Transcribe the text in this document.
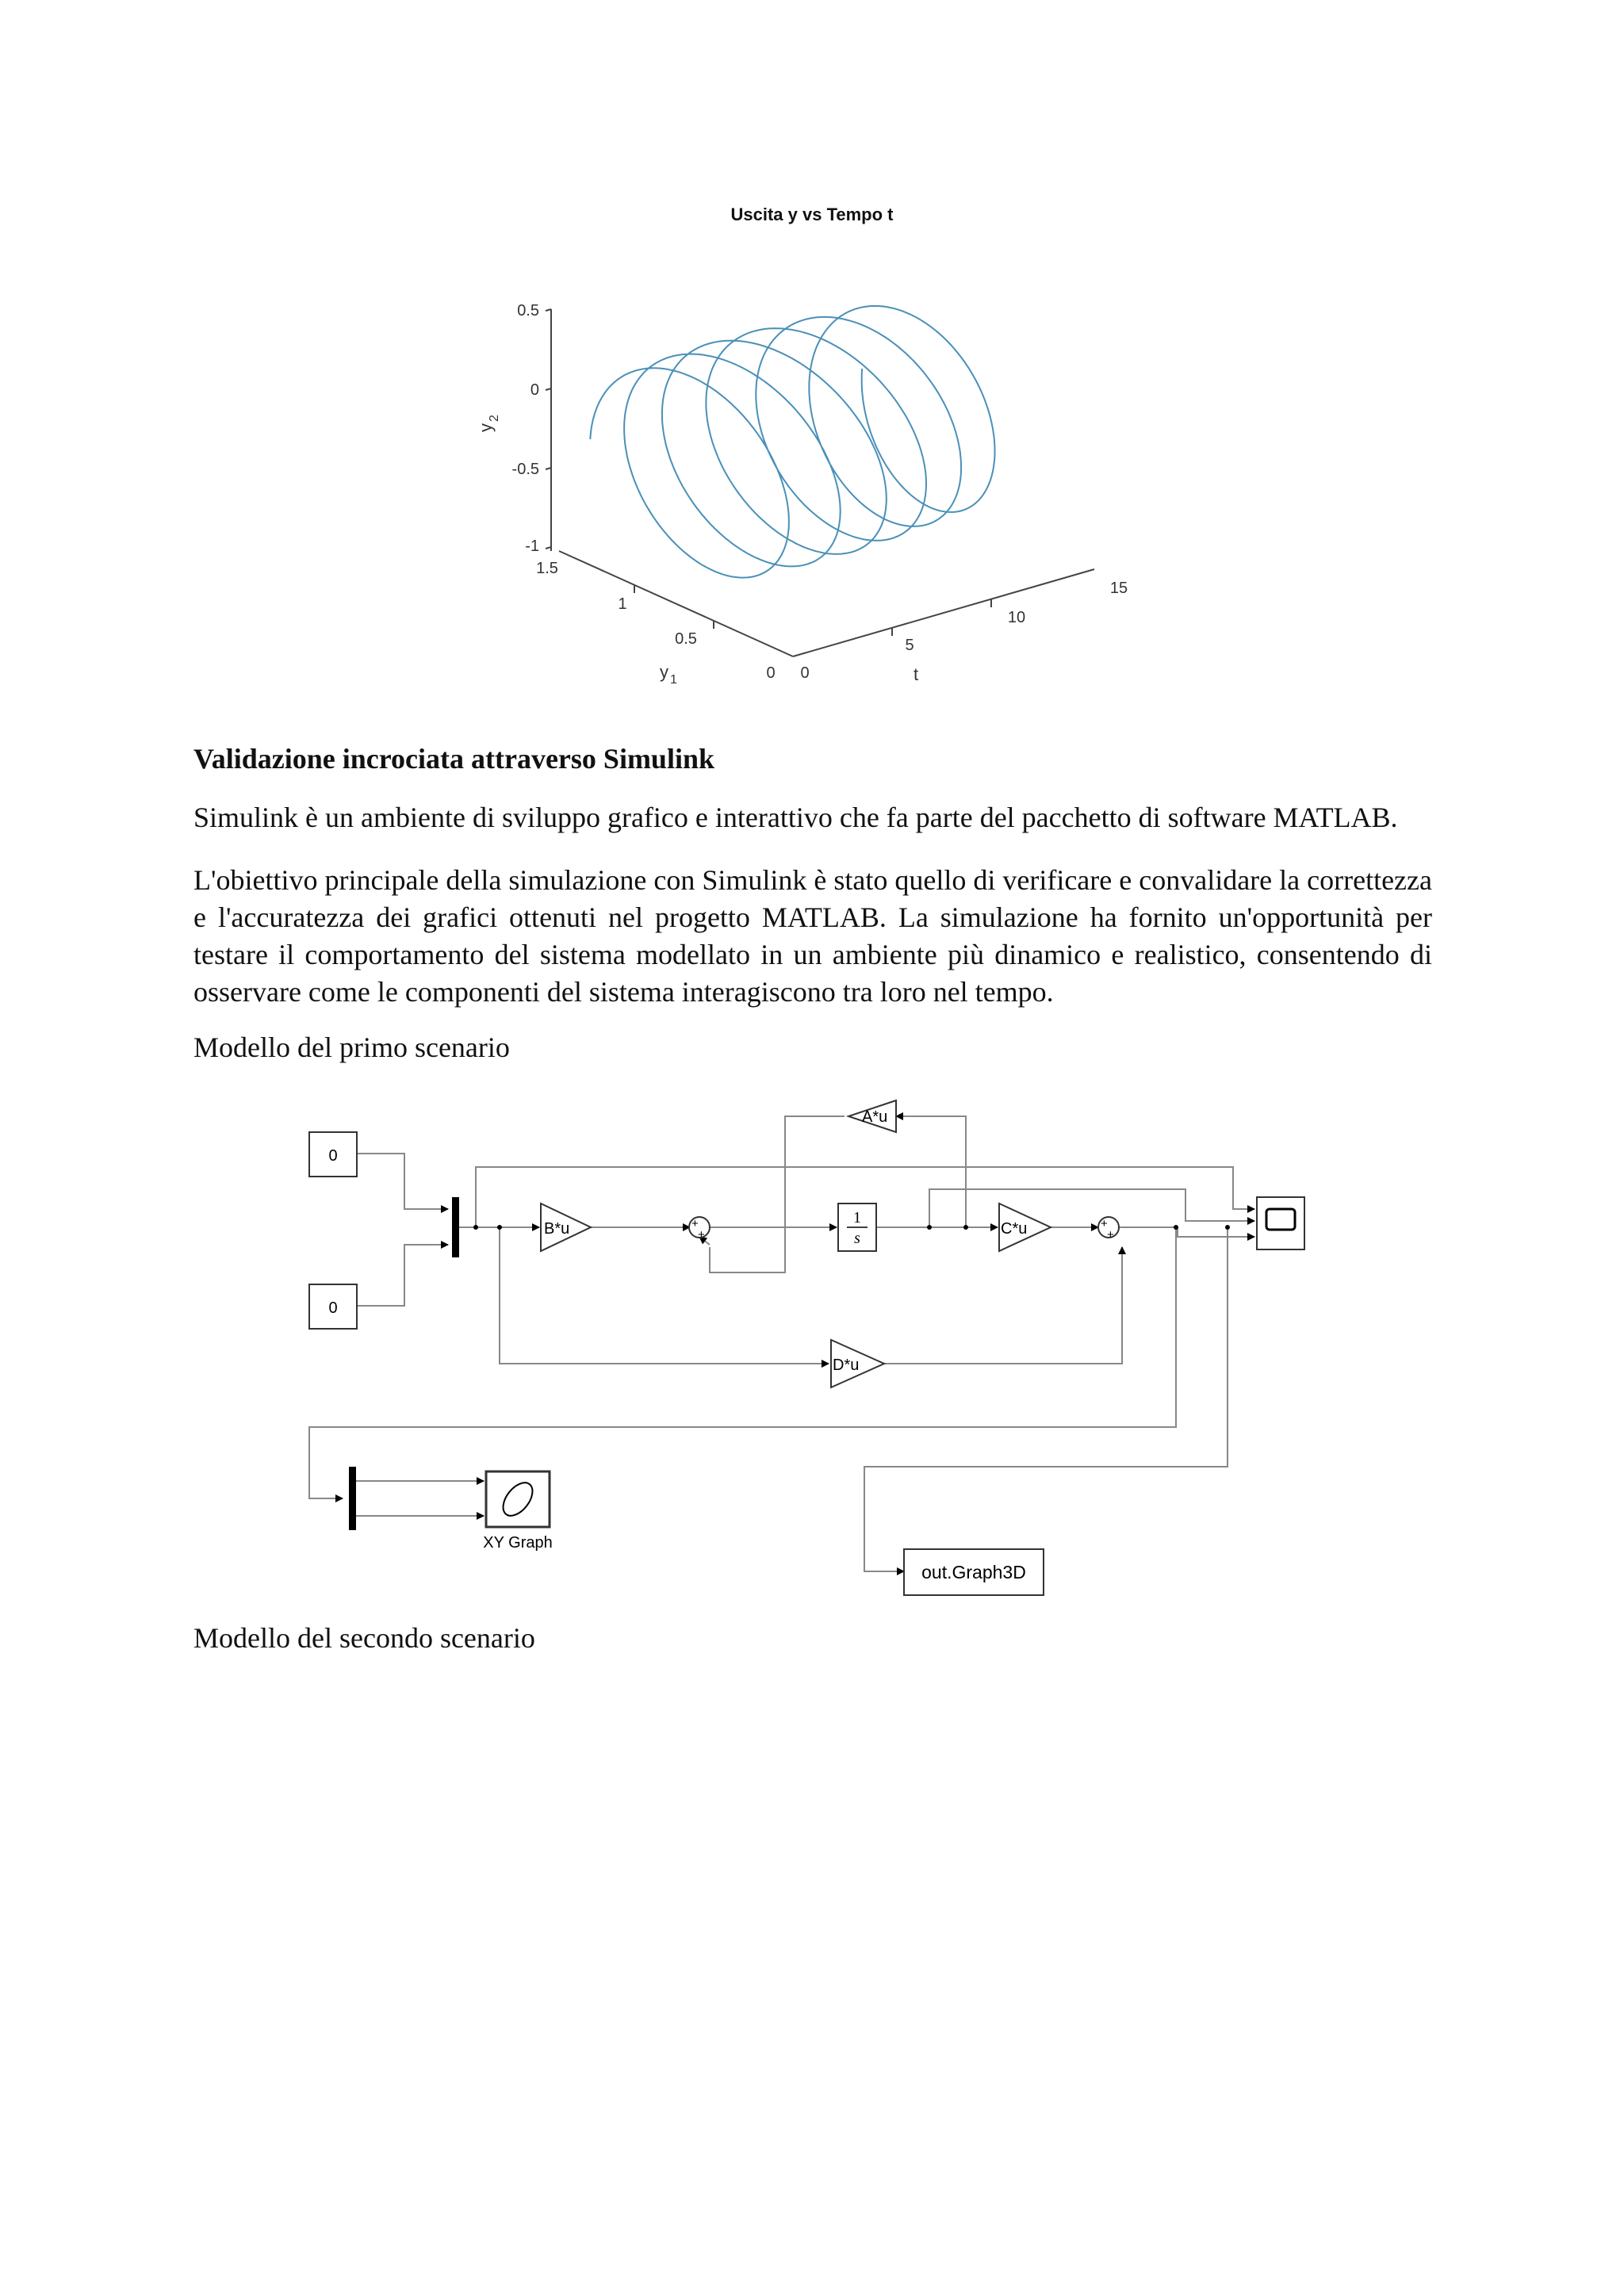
Uscita y vs Tempo t
0.5
0
-0.5
-1
y
2
1.5
1
0.5
0
y 1	0
5
10
15
t
Validazione incrociata attraverso Simulink

Simulink è un ambiente di sviluppo grafico e interattivo che fa parte del pacchetto di software MATLAB.

L'obiettivo principale della simulazione con Simulink è stato quello di verificare e convalidare la correttezza e l'accuratezza dei grafici ottenuti nel progetto MATLAB. La simulazione ha fornito un'opportunità per testare il comportamento del sistema modellato in un ambiente più dinamico e realistico, consentendo di osservare come le componenti del sistema interagiscono tra loro nel tempo.

Modello del primo scenario
0
0
B*u
A*u
C*u
D*u
+
+
+
+
1
s
XY Graph
out.Graph3D
Modello del secondo scenario
